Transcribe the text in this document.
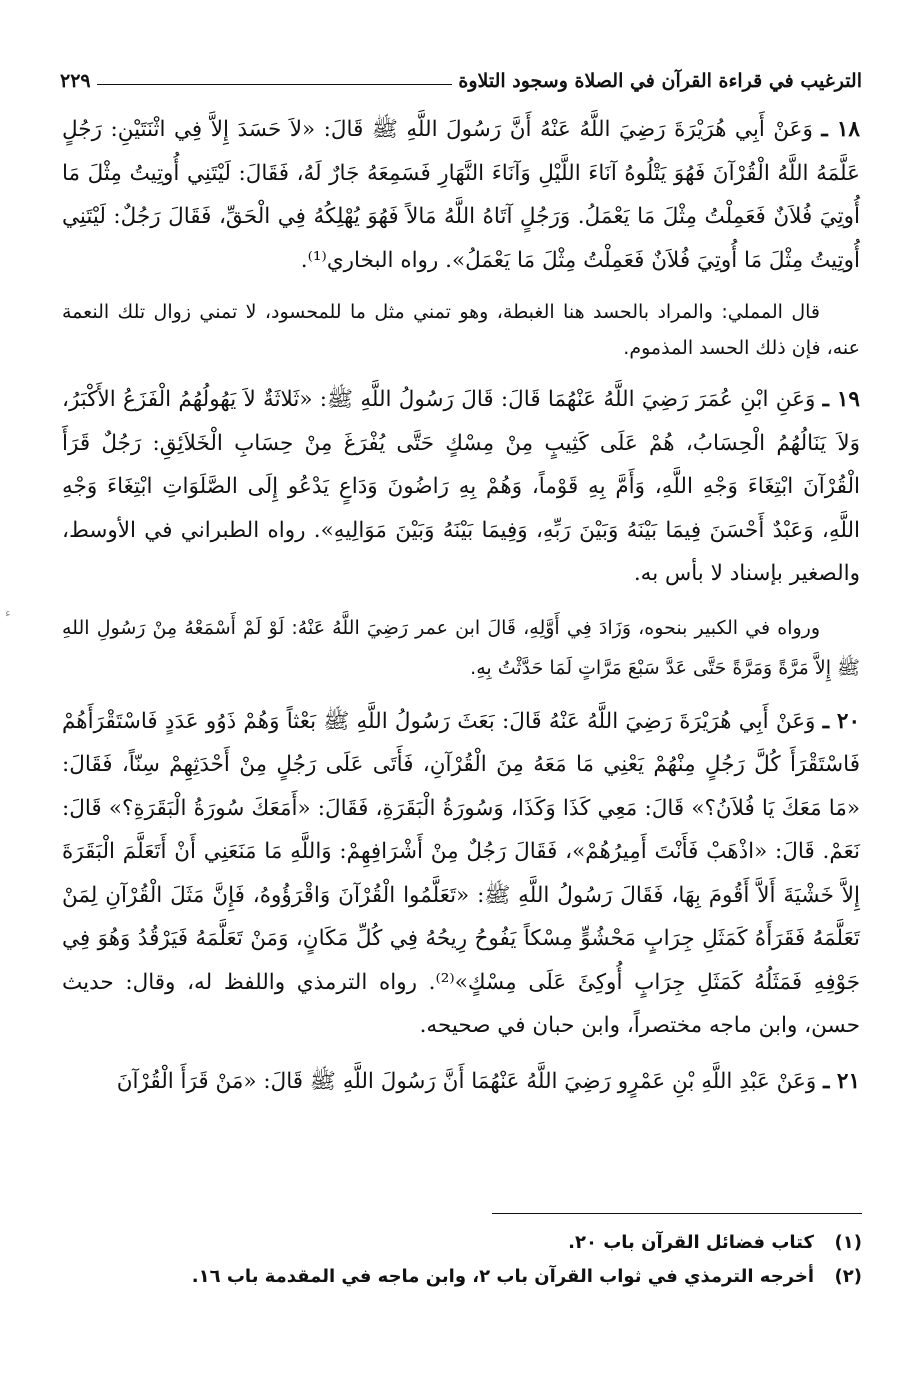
الترغيب في قراءة القرآن في الصلاة وسجود التلاوة
٢٢٩
ء

١٨ ـ وَعَنْ أَبِي هُرَيْرَةَ رَضِيَ اللَّهُ عَنْهُ أَنَّ رَسُولَ اللَّهِ ﷺ قَالَ: «لاَ حَسَدَ إِلاَّ فِي اثْنَتَيْنِ: رَجُلٍ عَلَّمَهُ اللَّهُ الْقُرْآنَ فَهُوَ يَتْلُوهُ آنَاءَ اللَّيْلِ وَآنَاءَ النَّهَارِ فَسَمِعَهُ جَارٌ لَهُ، فَقَالَ: لَيْتَنِي أُوتِيتُ مِثْلَ مَا أُوتِيَ فُلاَنٌ فَعَمِلْتُ مِثْلَ مَا يَعْمَلُ. وَرَجُلٍ آتَاهُ اللَّهُ مَالاً فَهُوَ يُهْلِكُهُ فِي الْحَقِّ، فَقَالَ رَجُلٌ: لَيْتَنِي أُوتِيتُ مِثْلَ مَا أُوتِيَ فُلاَنٌ فَعَمِلْتُ مِثْلَ مَا يَعْمَلُ». رواه البخاري⁽¹⁾.

قال المملي: والمراد بالحسد هنا الغبطة، وهو تمني مثل ما للمحسود، لا تمني زوال تلك النعمة عنه، فإن ذلك الحسد المذموم.

١٩ ـ وَعَنِ ابْنِ عُمَرَ رَضِيَ اللَّهُ عَنْهُمَا قَالَ: قَالَ رَسُولُ اللَّهِ ﷺ: «ثَلاثَةٌ لاَ يَهُولُهُمُ الْفَزَعُ الأَكْبَرُ، وَلاَ يَنَالُهُمُ الْحِسَابُ، هُمْ عَلَى كَثِيبٍ مِنْ مِسْكٍ حَتَّى يُفْرَغَ مِنْ حِسَابِ الْخَلاَئِقِ: رَجُلٌ قَرَأَ الْقُرْآنَ ابْتِغَاءَ وَجْهِ اللَّهِ، وَأَمَّ بِهِ قَوْماً، وَهُمْ بِهِ رَاضُونَ وَدَاعٍ يَدْعُو إِلَى الصَّلَوَاتِ ابْتِغَاءَ وَجْهِ اللَّهِ، وَعَبْدٌ أَحْسَنَ فِيمَا بَيْنَهُ وَبَيْنَ رَبِّهِ، وَفِيمَا بَيْنَهُ وَبَيْنَ مَوَالِيهِ». رواه الطبراني في الأوسط، والصغير بإسناد لا بأس به.

ورواه في الكبير بنحوه، وَزَادَ فِي أَوَّلِهِ، قَالَ ابن عمر رَضِيَ اللَّهُ عَنْهُ: لَوْ لَمْ أَسْمَعْهُ مِنْ رَسُولِ اللهِ ﷺ إِلاَّ مَرَّةً وَمَرَّةً حَتَّى عَدَّ سَبْعَ مَرَّاتٍ لَمَا حَدَّثْتُ بِهِ.

٢٠ ـ وَعَنْ أَبِي هُرَيْرَةَ رَضِيَ اللَّهُ عَنْهُ قَالَ: بَعَثَ رَسُولُ اللَّهِ ﷺ بَعْثاً وَهُمْ ذَوُو عَدَدٍ فَاسْتَقْرَأَهُمْ فَاسْتَقْرَأَ كُلَّ رَجُلٍ مِنْهُمْ يَعْنِي مَا مَعَهُ مِنَ الْقُرْآنِ، فَأَتَى عَلَى رَجُلٍ مِنْ أَحْدَثِهِمْ سِنّاً، فَقَالَ: «مَا مَعَكَ يَا فُلاَنُ؟» قَالَ: مَعِي كَذَا وَكَذَا، وَسُورَةُ الْبَقَرَةِ، فَقَالَ: «أَمَعَكَ سُورَةُ الْبَقَرَةِ؟» قَالَ: نَعَمْ. قَالَ: «اذْهَبْ فَأَنْتَ أَمِيرُهُمْ»، فَقَالَ رَجُلٌ مِنْ أَشْرَافِهِمْ: وَاللَّهِ مَا مَنَعَنِي أَنْ أَتَعَلَّمَ الْبَقَرَةَ إِلاَّ خَشْيَةَ أَلاَّ أَقُومَ بِهَا، فَقَالَ رَسُولُ اللَّهِ ﷺ: «تَعَلَّمُوا الْقُرْآنَ وَاقْرَؤُوهُ، فَإِنَّ مَثَلَ الْقُرْآنِ لِمَنْ تَعَلَّمَهُ فَقَرَأَهُ كَمَثَلِ جِرَابٍ مَحْشُوٍّ مِسْكاً يَفُوحُ رِيحُهُ فِي كُلِّ مَكَانٍ، وَمَنْ تَعَلَّمَهُ فَيَرْقُدُ وَهُوَ فِي جَوْفِهِ فَمَثَلُهُ كَمَثَلِ جِرَابٍ أُوكِئَ عَلَى مِسْكٍ»⁽²⁾. رواه الترمذي واللفظ له، وقال: حديث حسن، وابن ماجه مختصراً، وابن حبان في صحيحه.

٢١ ـ وَعَنْ عَبْدِ اللَّهِ بْنِ عَمْرٍو رَضِيَ اللَّهُ عَنْهُمَا أَنَّ رَسُولَ اللَّهِ ﷺ قَالَ: «مَنْ قَرَأَ الْقُرْآنَ

(١)
كتاب فضائل القرآن باب ٢٠.
(٢)
أخرجه الترمذي في ثواب القرآن باب ٢، وابن ماجه في المقدمة باب ١٦.
